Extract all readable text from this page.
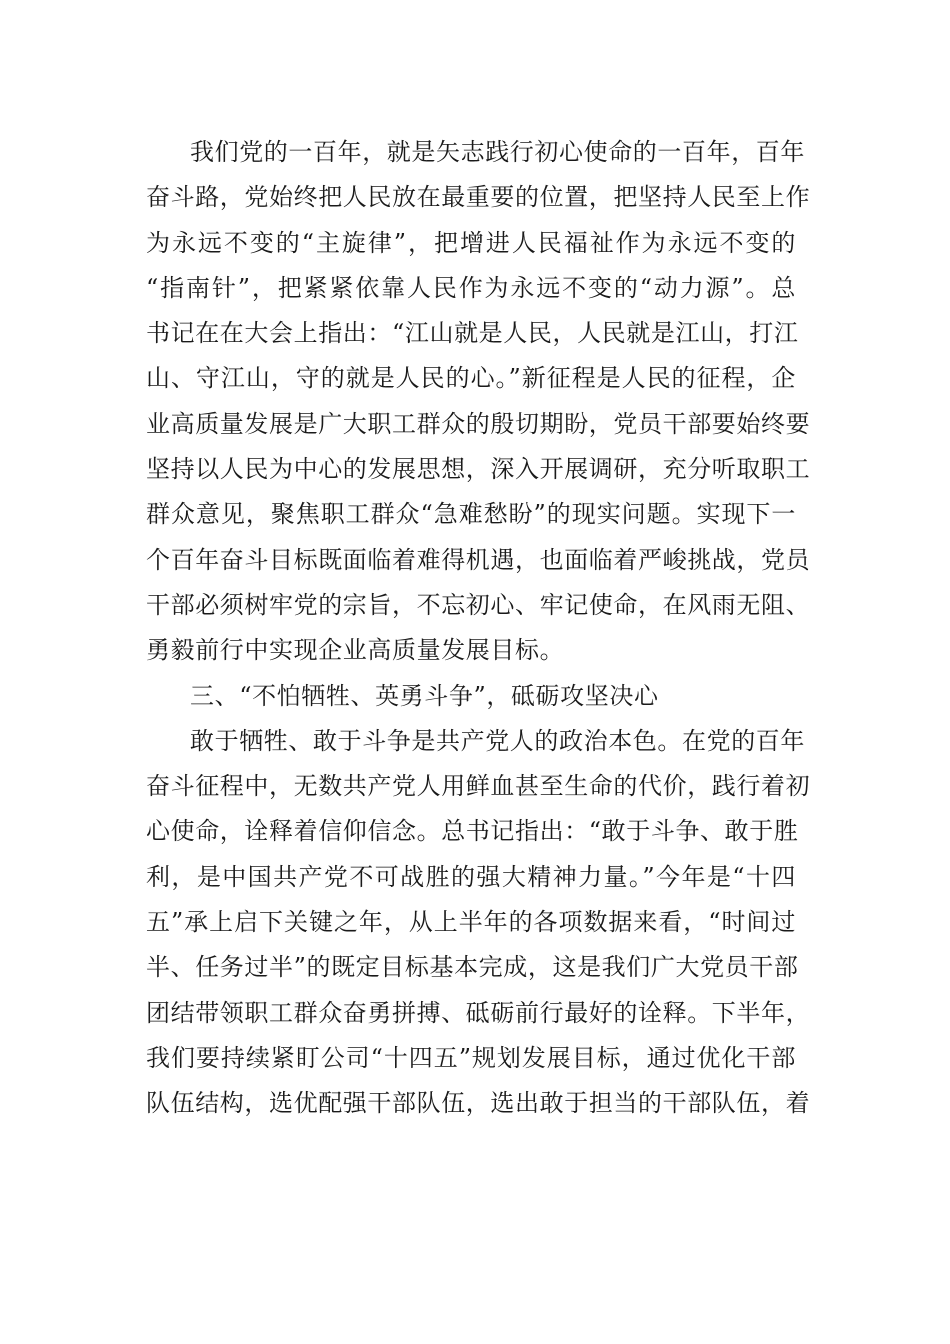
我们党的一百年，就是矢志践行初心使命的一百年，百年
奋斗路，党始终把人民放在最重要的位置，把坚持人民至上作
为永远不变的“主旋律”，把增进人民福祉作为永远不变的
“指南针”，把紧紧依靠人民作为永远不变的“动力源”。总
书记在在大会上指出：“江山就是人民，人民就是江山，打江
山、守江山，守的就是人民的心。”新征程是人民的征程，企
业高质量发展是广大职工群众的殷切期盼，党员干部要始终要
坚持以人民为中心的发展思想，深入开展调研，充分听取职工
群众意见，聚焦职工群众“急难愁盼”的现实问题。实现下一
个百年奋斗目标既面临着难得机遇，也面临着严峻挑战，党员
干部必须树牢党的宗旨，不忘初心、牢记使命，在风雨无阻、
勇毅前行中实现企业高质量发展目标。
三、“不怕牺牲、英勇斗争”，砥砺攻坚决心
敢于牺牲、敢于斗争是共产党人的政治本色。在党的百年
奋斗征程中，无数共产党人用鲜血甚至生命的代价，践行着初
心使命，诠释着信仰信念。总书记指出：“敢于斗争、敢于胜
利，是中国共产党不可战胜的强大精神力量。”今年是“十四
五”承上启下关键之年，从上半年的各项数据来看，“时间过
半、任务过半”的既定目标基本完成，这是我们广大党员干部
团结带领职工群众奋勇拼搏、砥砺前行最好的诠释。下半年，
我们要持续紧盯公司“十四五”规划发展目标，通过优化干部
队伍结构，选优配强干部队伍，选出敢于担当的干部队伍，着
